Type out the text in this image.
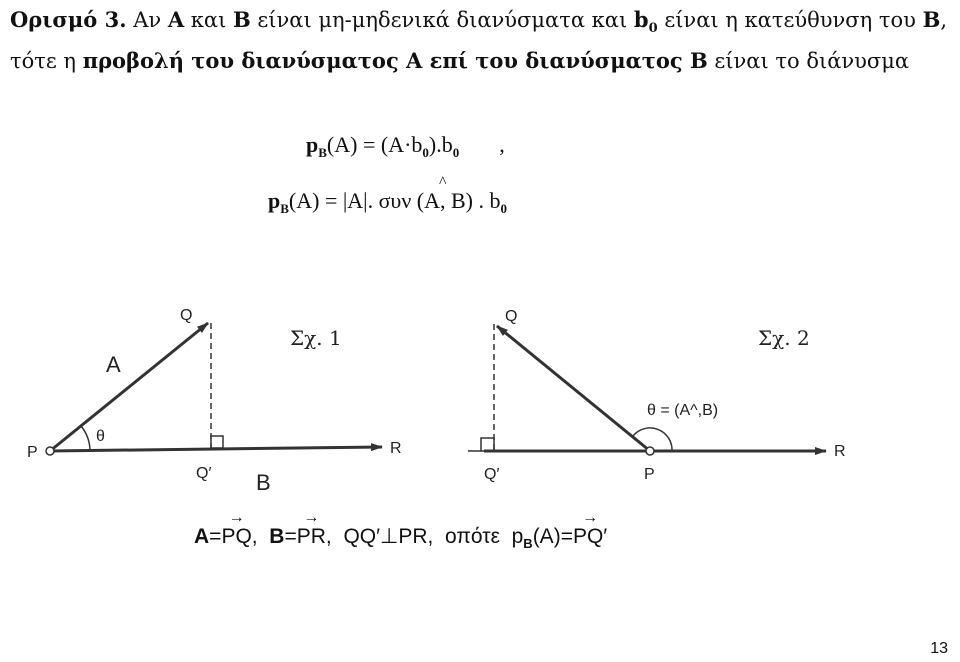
Ορισμό 3. Αν A και B είναι μη-μηδενικά διανύσματα και $b_0$ είναι η κατεύθυνση του B, τότε η προβολή του διανύσματος A επί του διανύσματος B είναι το διάνυσμα
$p_B(A) = (A\cdot b_0).b_0$ ,
$p_B(A) = |A|$. συν (A^ , B) . $b_0$
Q
A
θ
P	R
Q′ B
Σχ. 1
Q
θ = (A^,B)
R
Q′	P
Σχ. 2
A=→ PQ,  B=→ PR,  QQ′⊥PR,  οπότε  $p_B(A)=\to PQ'$
13
